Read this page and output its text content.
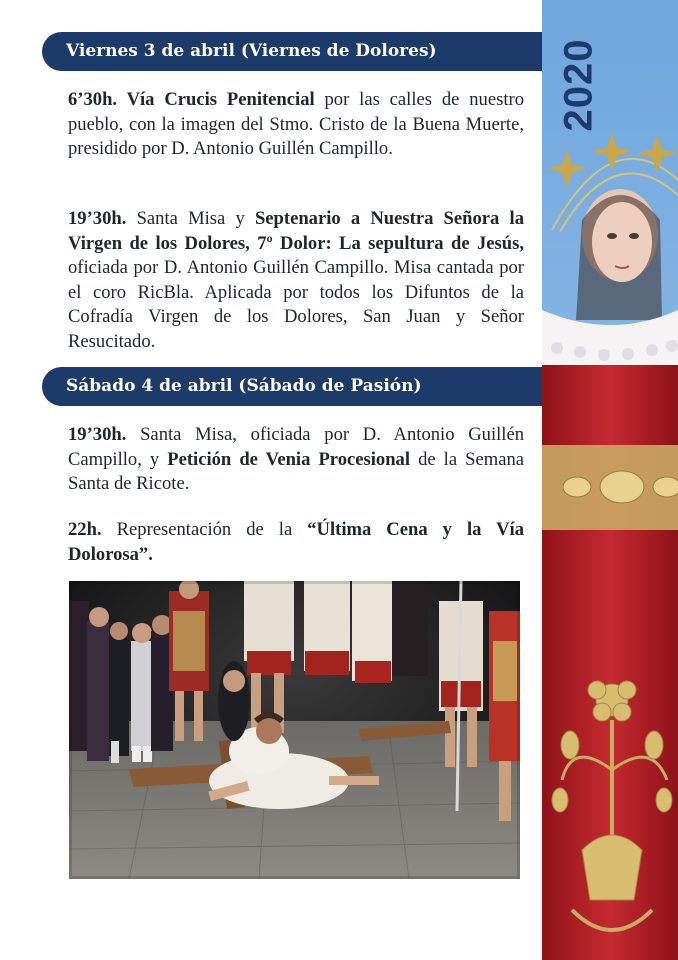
Viernes 3 de abril (Viernes de Dolores)
6’30h. Vía Crucis Penitencial por las calles de nuestro pueblo, con la imagen del Stmo. Cristo de la Buena Muerte, presidido por D. Antonio Guillén Campillo.
19’30h. Santa Misa y Septenario a Nuestra Señora la Virgen de los Dolores, 7º Dolor: La sepultura de Jesús, oficiada por D. Antonio Guillén Campillo. Misa cantada por el coro RicBla. Aplicada por todos los Difuntos de la Cofradía Virgen de los Dolores, San Juan y Señor Resucitado.
Sábado 4 de abril (Sábado de Pasión)
19’30h. Santa Misa, oficiada por D. Antonio Guillén Campillo, y Petición de Venia Procesional de la Semana Santa de Ricote.
22h. Representación de la “Última Cena y la Vía Dolorosa”.
2020
